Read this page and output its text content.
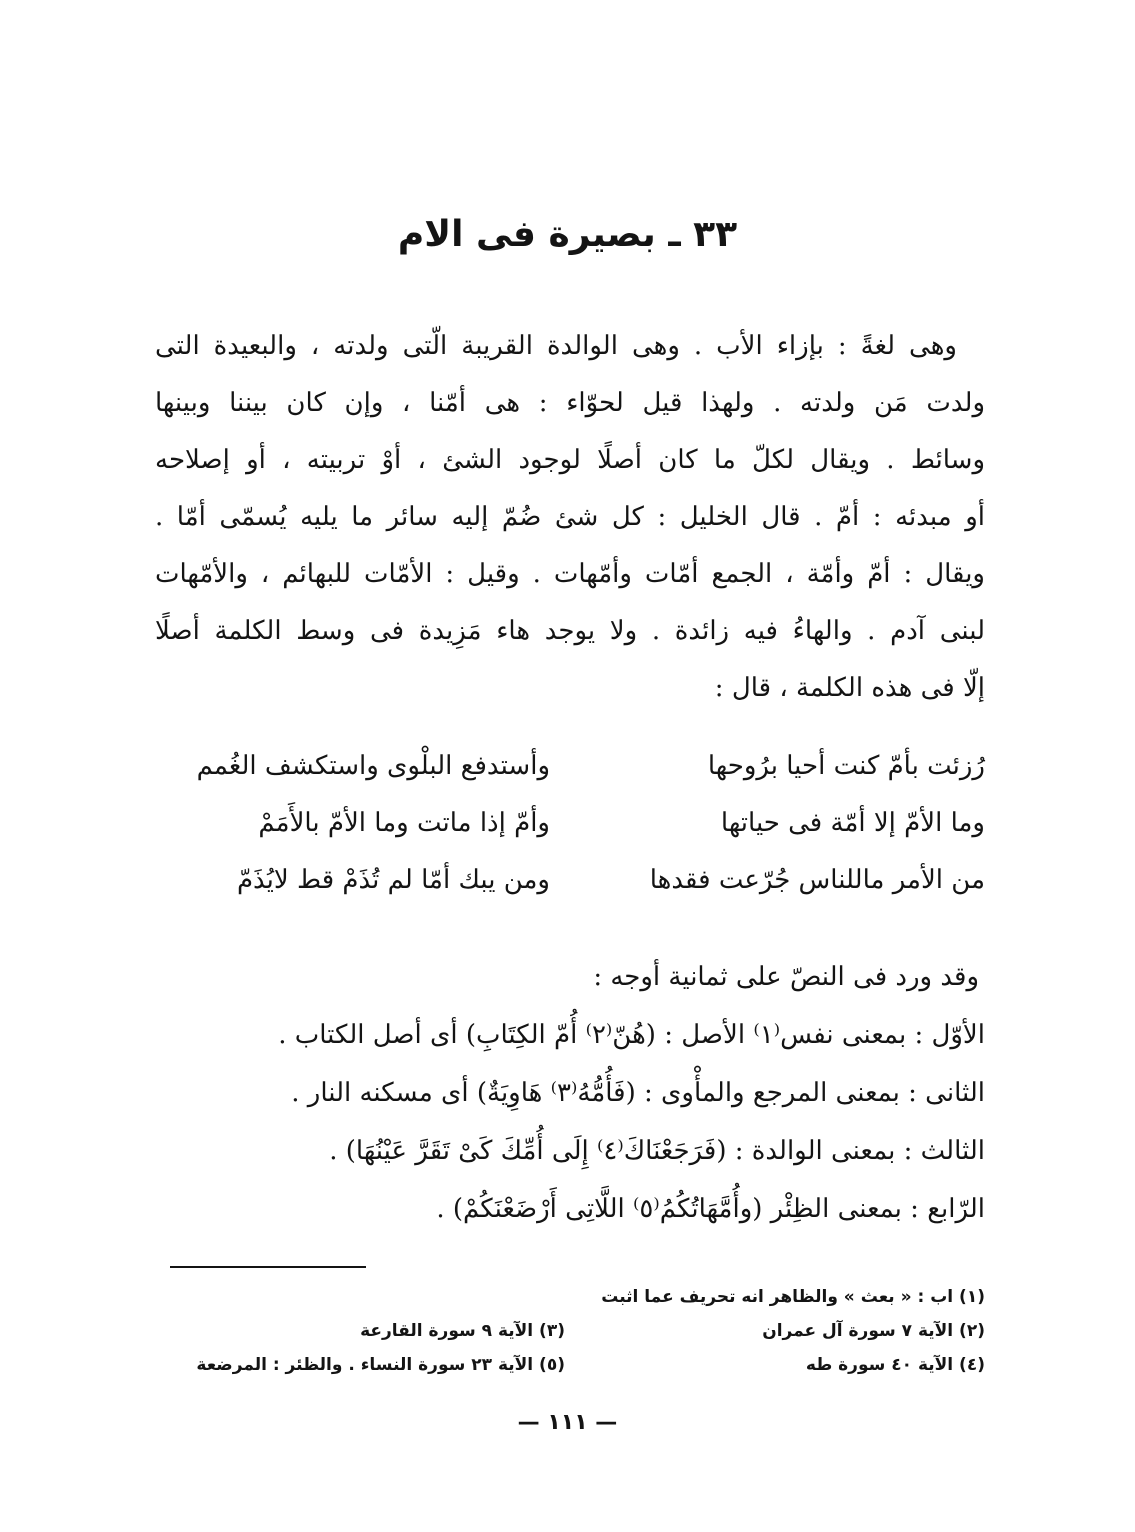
٣٣ ـ بصيرة فى الام
وهى لغةً : بإزاء الأب . وهى الوالدة القريبة الّتى ولدته ، والبعيدة التى
ولدت مَن ولدته . ولهذا قيل لحوّاء : هى أمّنا ، وإن كان بيننا وبينها
وسائط . ويقال لكلّ ما كان أصلًا لوجود الشئ ، أوْ تربيته ، أو إصلاحه
أو مبدئه : أمّ . قال الخليل : كل شئ ضُمّ إليه سائر ما يليه يُسمّى أمّا .
ويقال : أمّ وأمّة ، الجمع أمّات وأمّهات . وقيل : الأمّات للبهائم ، والأمّهات
لبنى آدم . والهاءُ فيه زائدة . ولا يوجد هاء مَزِيدة فى وسط الكلمة أصلًا
إلّا فى هذه الكلمة ، قال :
رُزئت بأمّ كنت أحيا برُوحها
وأستدفع البلْوى واستكشف الغُمم
وما الأمّ إلا أمّة فى حياتها
وأمّ إذا ماتت وما الأمّ بالأَمَمْ
من الأمر ماللناس جُرّعت فقدها
ومن يبك أمّا لم تُذَمْ قط لايُذَمّ
وقد ورد فى النصّ على ثمانية أوجه :
الأوّل : بمعنى نفس⁽١⁾ الأصل : (هُنّ⁽٢⁾ أُمّ الكِتَابِ) أى أصل الكتاب .
الثانى : بمعنى المرجع والمأْوى : (فَأُمُّهُ⁽٣⁾ هَاوِيَةٌ) أى مسكنه النار .
الثالث : بمعنى الوالدة : (فَرَجَعْنَاكَ⁽٤⁾ إِلَى أُمِّكَ كَىْ تَقَرَّ عَيْنُهَا) .
الرّابع : بمعنى الظِئْر (وأُمَّهَاتُكُمُ⁽٥⁾ اللَّاتِى أَرْضَعْنَكُمْ) .
(١) اب : « بعث » والظاهر انه تحريف عما اثبت
(٢) الآية ٧ سورة آل عمران
(٣) الآية ٩ سورة القارعة
(٤) الآية ٤٠ سورة طه
(٥) الآية ٢٣ سورة النساء . والظئر : المرضعة
— ١١١ —
